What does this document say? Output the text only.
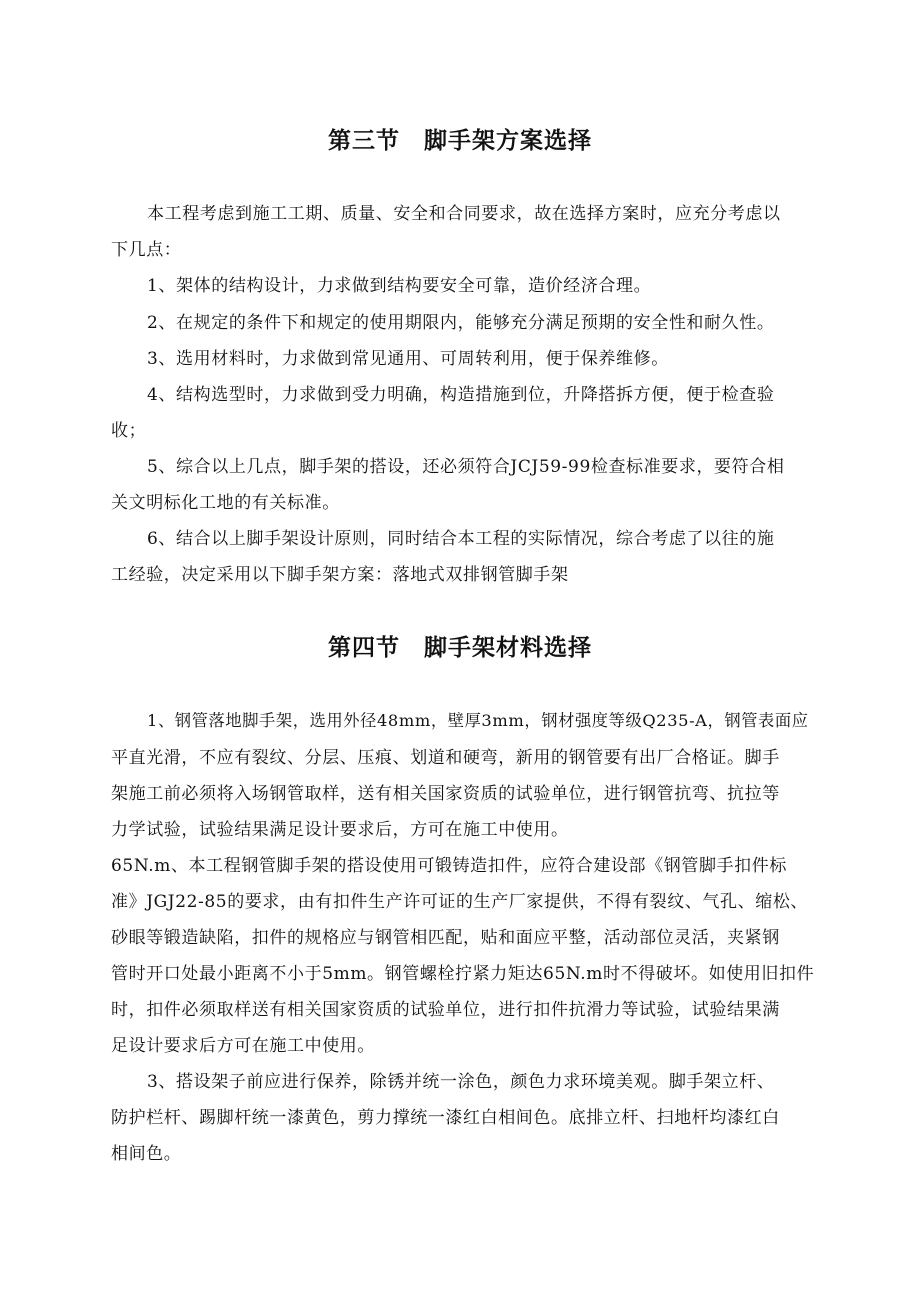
第三节　脚手架方案选择
本工程考虑到施工工期、质量、安全和合同要求，故在选择方案时，应充分考虑以
下几点：
1、架体的结构设计，力求做到结构要安全可靠，造价经济合理。
2、在规定的条件下和规定的使用期限内，能够充分满足预期的安全性和耐久性。
3、选用材料时，力求做到常见通用、可周转利用，便于保养维修。
4、结构选型时，力求做到受力明确，构造措施到位，升降搭拆方便，便于检查验
收；
5、综合以上几点，脚手架的搭设，还必须符合JCJ59-99检查标准要求，要符合相
关文明标化工地的有关标准。
6、结合以上脚手架设计原则，同时结合本工程的实际情况，综合考虑了以往的施
工经验，决定采用以下脚手架方案：落地式双排钢管脚手架
第四节　脚手架材料选择
1、钢管落地脚手架，选用外径48mm，壁厚3mm，钢材强度等级Q235-A，钢管表面应
平直光滑，不应有裂纹、分层、压痕、划道和硬弯，新用的钢管要有出厂合格证。脚手
架施工前必须将入场钢管取样，送有相关国家资质的试验单位，进行钢管抗弯、抗拉等
力学试验，试验结果满足设计要求后，方可在施工中使用。
65N.m、本工程钢管脚手架的搭设使用可锻铸造扣件，应符合建设部《钢管脚手扣件标
准》JGJ22-85的要求，由有扣件生产许可证的生产厂家提供，不得有裂纹、气孔、缩松、
砂眼等锻造缺陷，扣件的规格应与钢管相匹配，贴和面应平整，活动部位灵活，夹紧钢
管时开口处最小距离不小于5mm。钢管螺栓拧紧力矩达65N.m时不得破坏。如使用旧扣件
时，扣件必须取样送有相关国家资质的试验单位，进行扣件抗滑力等试验，试验结果满
足设计要求后方可在施工中使用。
3、搭设架子前应进行保养，除锈并统一涂色，颜色力求环境美观。脚手架立杆、
防护栏杆、踢脚杆统一漆黄色，剪力撑统一漆红白相间色。底排立杆、扫地杆均漆红白
相间色。
